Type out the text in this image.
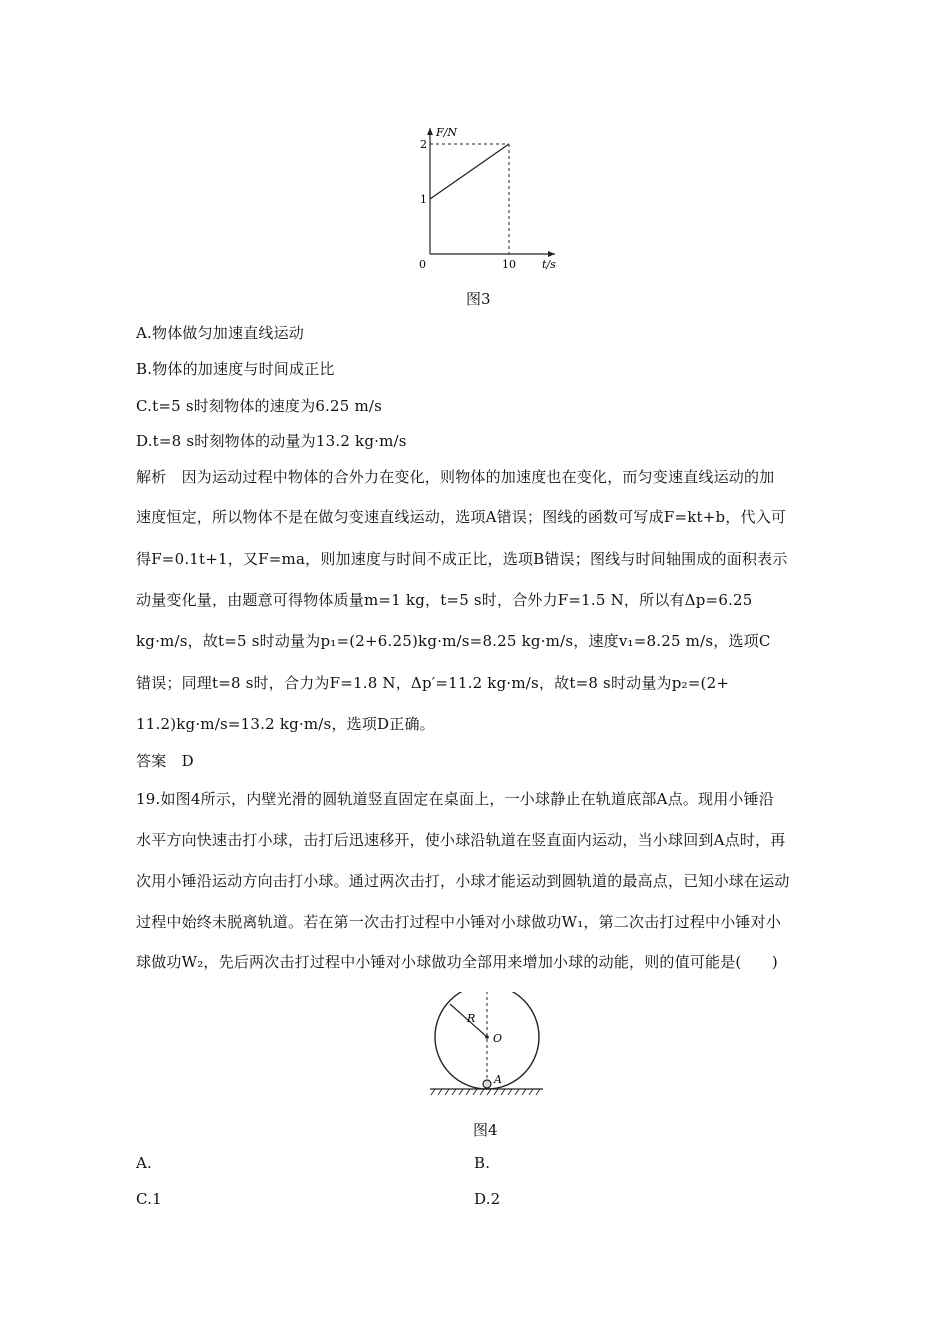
F/N
t/s
2
1
0	10
图3
A.物体做匀加速直线运动
B.物体的加速度与时间成正比
C.t=5 s时刻物体的速度为6.25 m/s
D.t=8 s时刻物体的动量为13.2 kg·m/s
解析　因为运动过程中物体的合外力在变化，则物体的加速度也在变化，而匀变速直线运动的加
速度恒定，所以物体不是在做匀变速直线运动，选项A错误；图线的函数可写成F=kt+b，代入可
得F=0.1t+1，又F=ma，则加速度与时间不成正比，选项B错误；图线与时间轴围成的面积表示
动量变化量，由题意可得物体质量m=1 kg，t=5 s时，合外力F=1.5 N，所以有Δp=6.25
kg·m/s，故t=5 s时动量为p₁=(2+6.25)kg·m/s=8.25 kg·m/s，速度v₁=8.25 m/s，选项C
错误；同理t=8 s时，合力为F=1.8 N，Δp′=11.2 kg·m/s，故t=8 s时动量为p₂=(2+
11.2)kg·m/s=13.2 kg·m/s，选项D正确。
答案　D
19.如图4所示，内壁光滑的圆轨道竖直固定在桌面上，一小球静止在轨道底部A点。现用小锤沿
水平方向快速击打小球，击打后迅速移开，使小球沿轨道在竖直面内运动，当小球回到A点时，再
次用小锤沿运动方向击打小球。通过两次击打，小球才能运动到圆轨道的最高点，已知小球在运动
过程中始终未脱离轨道。若在第一次击打过程中小锤对小球做功W₁，第二次击打过程中小锤对小
球做功W₂，先后两次击打过程中小锤对小球做功全部用来增加小球的动能，则的值可能是(　　)
R
O
A
图4
A.	B.
C.1	D.2
